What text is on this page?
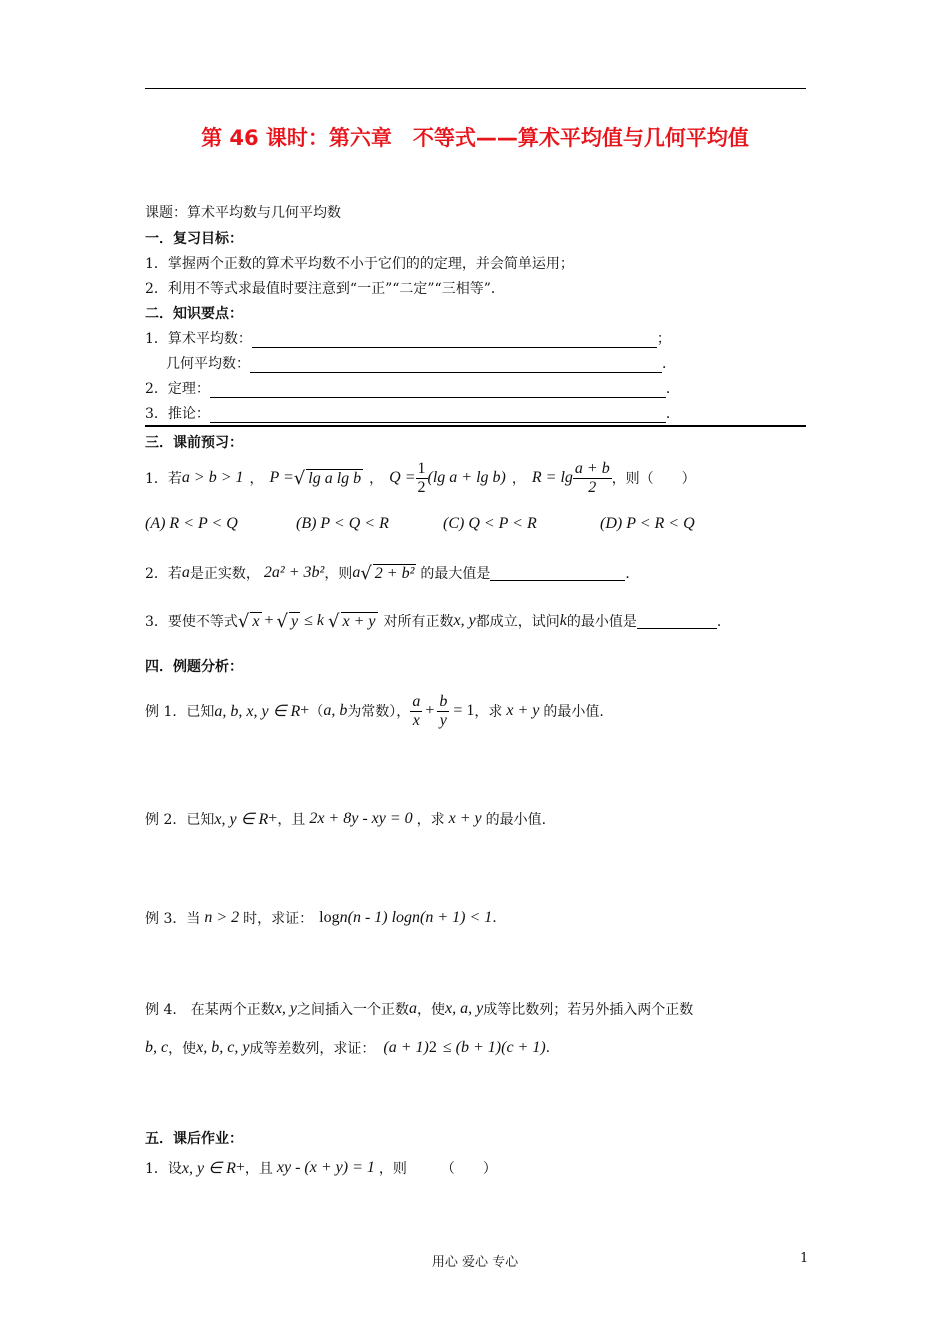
第 46 课时：第六章　不等式——算术平均值与几何平均值
课题：算术平均数与几何平均数
一．复习目标：
1．掌握两个正数的算术平均数不小于它们的的定理，并会简单运用；
2．利用不等式求最值时要注意到“一正”“二定”“三相等”．
二．知识要点：
1．算术平均数：	；
几何平均数：	．
2．定理：	．
3．推论：	．
三．课前预习：
1．若 a > b > 1 ， P = √ lg a lg b ， $Q = \frac{1}{2} (\lg$ a + lg b) ， $R = \lg \frac{a + b}{2}$ ，则（　　）
(A) R < P < Q	(B) P < Q < R	(C) Q < P < R	(D) P < R < Q
2．若 a 是正实数， 2a² + 3b² ，则 a √ 2 + b² 的最大值是	．
3．要使不等式 √ x + √ y ≤ k √ x + y 对所有正数 x, y 都成立，试问 k 的最小值是	．
四．例题分析：
例 1．已知 a, b, x, y ∈ R + （ a, b 为常数）， $\frac{a}{x} + \frac{b}{y} = 1$ ，求 x + y 的最小值.
例 2．已知 x, y ∈ R + ，且 2x + 8y - xy = 0 ，求 x + y 的最小值.
例 3．当 n > 2 时，求证： log n (n - 1) log n (n + 1) < 1 .
例 4.　在某两个正数 x, y 之间插入一个正数 a ，使 x, a, y 成等比数列；若另外插入两个正数
b, c ，使 x, b, c, y 成等差数列，求证： (a + 1) 2 ≤ (b + 1)(c + 1) .
五．课后作业：
1．设 x, y ∈ R + ，且 xy - (x + y) = 1 ，则 （　　）
用心 爱心 专心	1
